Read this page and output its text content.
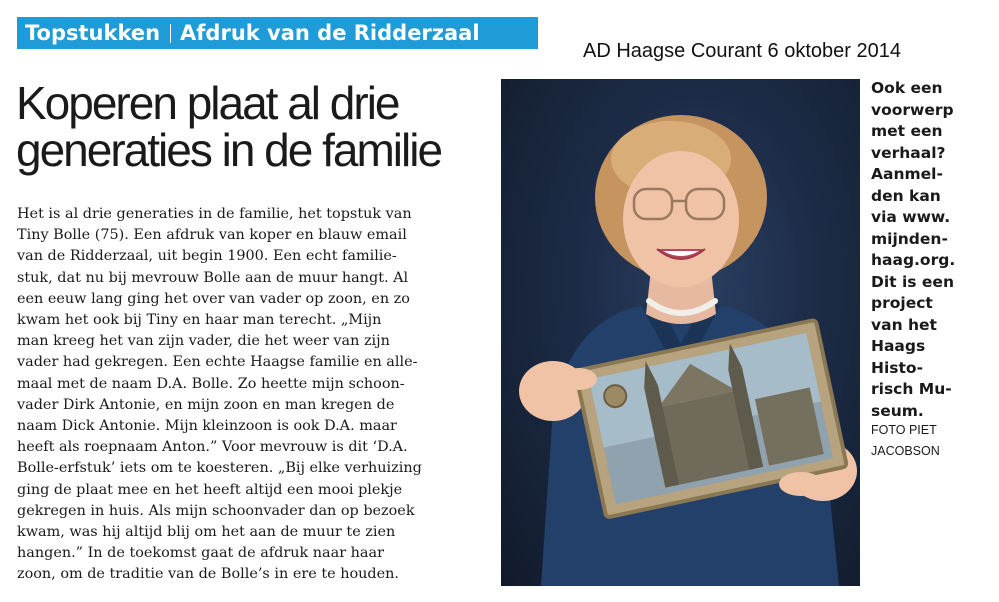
Topstukken Afdruk van de Ridderzaal
AD Haagse Courant 6 oktober 2014
Koperen plaat al drie
generaties in de familie

Het is al drie generaties in de familie, het topstuk van
Tiny Bolle (75). Een afdruk van koper en blauw email
van de Ridderzaal, uit begin 1900. Een echt familie-
stuk, dat nu bij mevrouw Bolle aan de muur hangt. Al
een eeuw lang ging het over van vader op zoon, en zo
kwam het ook bij Tiny en haar man terecht. „Mijn
man kreeg het van zijn vader, die het weer van zijn
vader had gekregen. Een echte Haagse familie en alle-
maal met de naam D.A. Bolle. Zo heette mijn schoon-
vader Dirk Antonie, en mijn zoon en man kregen de
naam Dick Antonie. Mijn kleinzoon is ook D.A. maar
heeft als roepnaam Anton.” Voor mevrouw is dit ‘D.A.
Bolle-erfstuk’ iets om te koesteren. „Bij elke verhuizing
ging de plaat mee en het heeft altijd een mooi plekje
gekregen in huis. Als mijn schoonvader dan op bezoek
kwam, was hij altijd blij om het aan de muur te zien
hangen.” In de toekomst gaat de afdruk naar haar
zoon, om de traditie van de Bolle’s in ere te houden.

Ook een
voorwerp
met een
verhaal?
Aanmel-
den kan
via www.
mijnden-
haag.org.
Dit is een
project
van het
Haags
Histo-
risch Mu-
seum.

FOTO PIET
JACOBSON
